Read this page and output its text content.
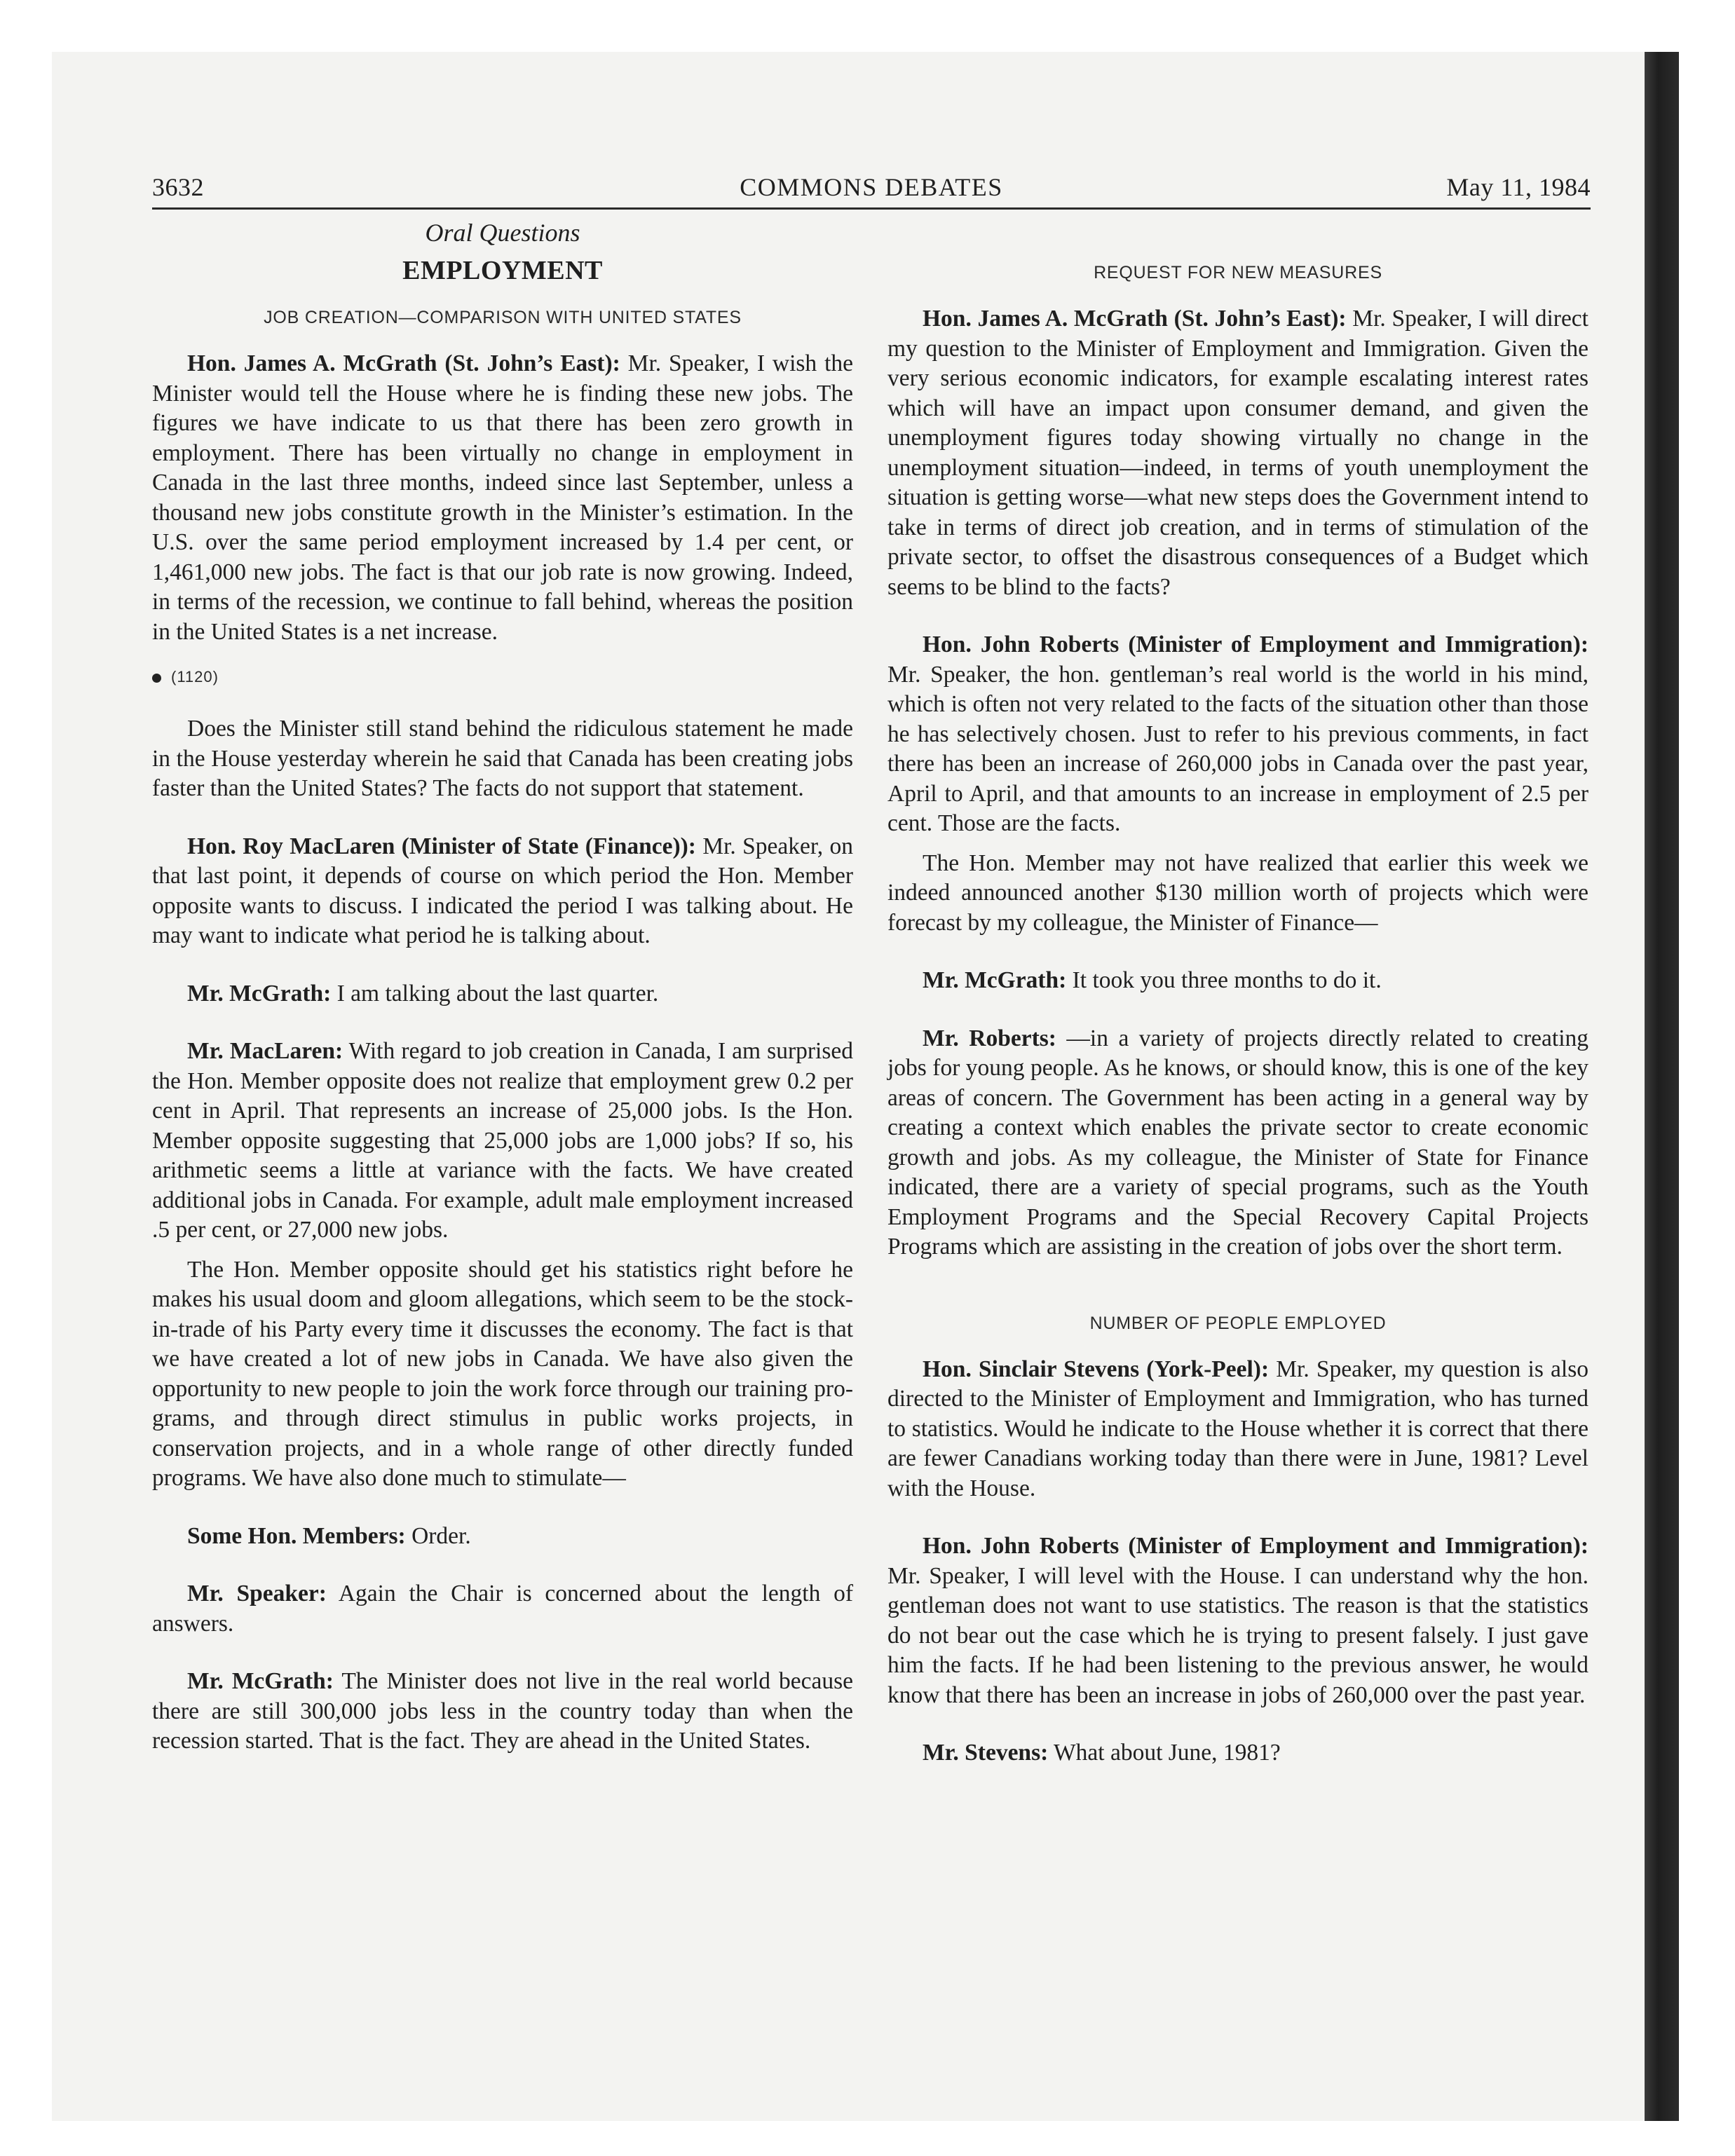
3632	COMMONS DEBATES	May 11, 1984
Oral Questions
EMPLOYMENT
JOB CREATION—COMPARISON WITH UNITED STATES

Hon. James A. McGrath (St. John’s East): Mr. Speaker, I wish the Minister would tell the House where he is finding these new jobs. The figures we have indicate to us that there has been zero growth in employment. There has been virtually no change in employment in Canada in the last three months, indeed since last September, unless a thousand new jobs constitute growth in the Minister’s estimation. In the U.S. over the same period employment increased by 1.4 per cent, or 1,461,000 new jobs. The fact is that our job rate is now growing. Indeed, in terms of the recession, we continue to fall behind, whereas the position in the United States is a net increase.

(1120)

Does the Minister still stand behind the ridiculous statement he made in the House yesterday wherein he said that Canada has been creating jobs faster than the United States? The facts do not support that statement.

Hon. Roy MacLaren (Minister of State (Finance)): Mr. Speaker, on that last point, it depends of course on which period the Hon. Member opposite wants to discuss. I indicated the period I was talking about. He may want to indicate what period he is talking about.

Mr. McGrath: I am talking about the last quarter.

Mr. MacLaren: With regard to job creation in Canada, I am surprised the Hon. Member opposite does not realize that employment grew 0.2 per cent in April. That represents an increase of 25,000 jobs. Is the Hon. Member opposite suggesting that 25,000 jobs are 1,000 jobs? If so, his arithmetic seems a little at variance with the facts. We have created additional jobs in Canada. For example, adult male employment increased .5 per cent, or 27,000 new jobs.

The Hon. Member opposite should get his statistics right before he makes his usual doom and gloom allegations, which seem to be the stock-in-trade of his Party every time it discusses the economy. The fact is that we have created a lot of new jobs in Canada. We have also given the opportunity to new people to join the work force through our training programs, and through direct stimulus in public works projects, in conservation projects, and in a whole range of other directly funded programs. We have also done much to stimulate—

Some Hon. Members: Order.

Mr. Speaker: Again the Chair is concerned about the length of answers.

Mr. McGrath: The Minister does not live in the real world because there are still 300,000 jobs less in the country today than when the recession started. That is the fact. They are ahead in the United States.

REQUEST FOR NEW MEASURES

Hon. James A. McGrath (St. John’s East): Mr. Speaker, I will direct my question to the Minister of Employment and Immigration. Given the very serious economic indicators, for example escalating interest rates which will have an impact upon consumer demand, and given the unemployment figures today showing virtually no change in the unemployment situation—indeed, in terms of youth unemployment the situation is getting worse—what new steps does the Government intend to take in terms of direct job creation, and in terms of stimulation of the private sector, to offset the disastrous consequences of a Budget which seems to be blind to the facts?

Hon. John Roberts (Minister of Employment and Immigration): Mr. Speaker, the hon. gentleman’s real world is the world in his mind, which is often not very related to the facts of the situation other than those he has selectively chosen. Just to refer to his previous comments, in fact there has been an increase of 260,000 jobs in Canada over the past year, April to April, and that amounts to an increase in employment of 2.5 per cent. Those are the facts.

The Hon. Member may not have realized that earlier this week we indeed announced another $130 million worth of projects which were forecast by my colleague, the Minister of Finance—

Mr. McGrath: It took you three months to do it.

Mr. Roberts: —in a variety of projects directly related to creating jobs for young people. As he knows, or should know, this is one of the key areas of concern. The Government has been acting in a general way by creating a context which enables the private sector to create economic growth and jobs. As my colleague, the Minister of State for Finance indicated, there are a variety of special programs, such as the Youth Employment Programs and the Special Recovery Capital Projects Programs which are assisting in the creation of jobs over the short term.

NUMBER OF PEOPLE EMPLOYED

Hon. Sinclair Stevens (York-Peel): Mr. Speaker, my question is also directed to the Minister of Employment and Immigration, who has turned to statistics. Would he indicate to the House whether it is correct that there are fewer Canadians working today than there were in June, 1981? Level with the House.

Hon. John Roberts (Minister of Employment and Immigration): Mr. Speaker, I will level with the House. I can understand why the hon. gentleman does not want to use statistics. The reason is that the statistics do not bear out the case which he is trying to present falsely. I just gave him the facts. If he had been listening to the previous answer, he would know that there has been an increase in jobs of 260,000 over the past year.

Mr. Stevens: What about June, 1981?
